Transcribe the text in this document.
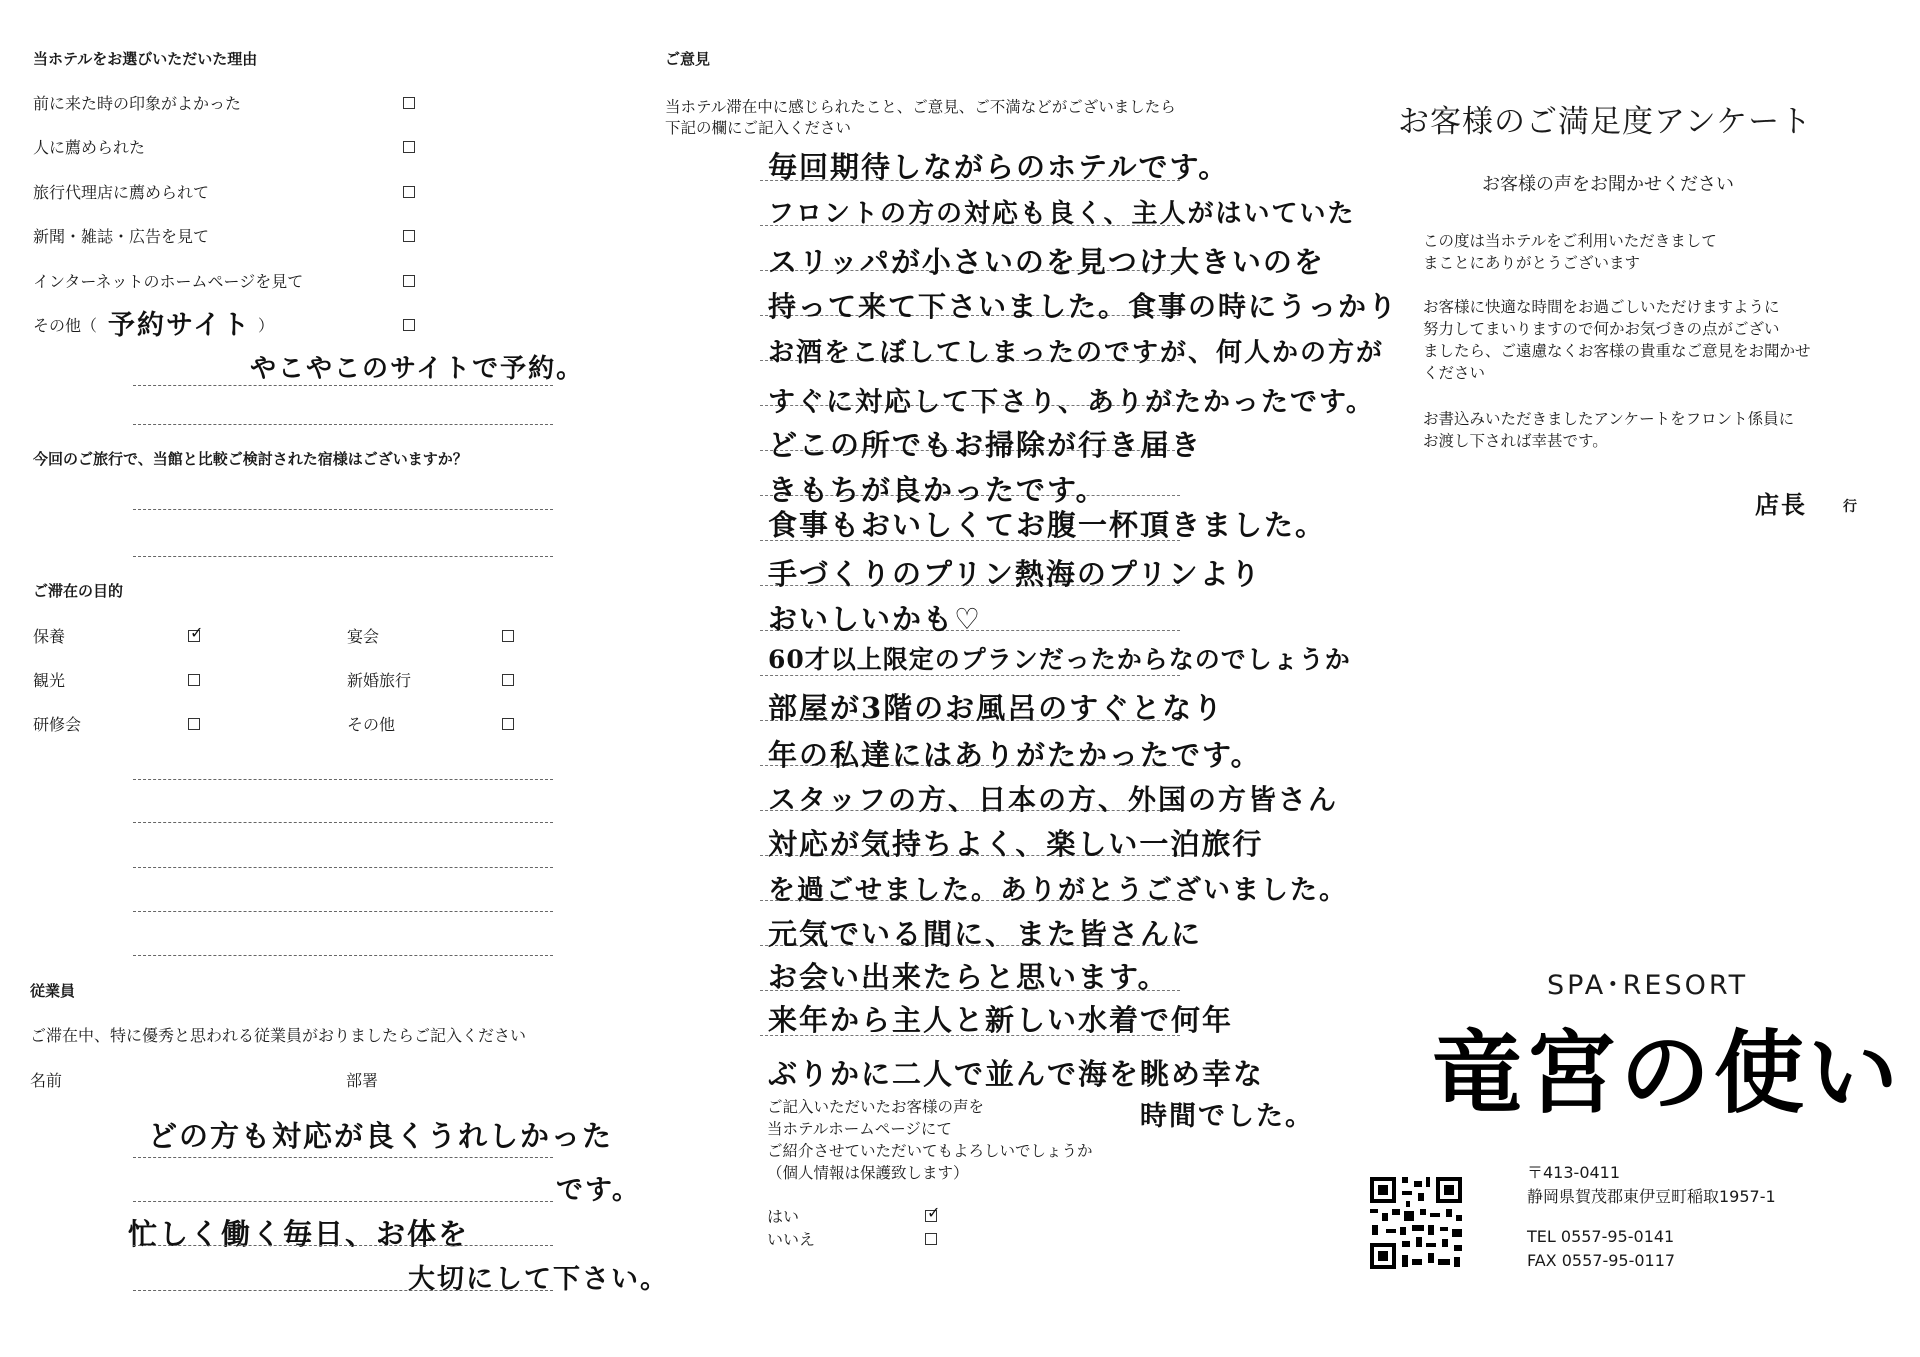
当ホテルをお選びいただいた理由
前に来た時の印象がよかった
人に薦められた
旅行代理店に薦められて
新聞・雑誌・広告を見て
インターネットのホームページを見て
その他（	）
予約サイト
やこやこのサイトで予約。
今回のご旅行で、当館と比較ご検討された宿様はございますか？
ご滞在の目的
保養
✓	宴会
観光	新婚旅行
研修会	その他
従業員
ご滞在中、特に優秀と思われる従業員がおりましたらご記入ください
名前	部署
どの方も対応が良くうれしかった
です。
忙しく働く毎日、お体を
大切にして下さい。
ご意見
当ホテル滞在中に感じられたこと、ご意見、ご不満などがございましたら
下記の欄にご記入ください
毎回期待しながらのホテルです。
フロントの方の対応も良く、主人がはいていた
スリッパが小さいのを見つけ大きいのを
持って来て下さいました。食事の時にうっかり
お酒をこぼしてしまったのですが、何人かの方が
すぐに対応して下さり、ありがたかったです。
どこの所でもお掃除が行き届き
きもちが良かったです。
食事もおいしくてお腹一杯頂きました。
手づくりのプリン熱海のプリンより
おいしいかも♡
60才以上限定のプランだったからなのでしょうか
部屋が3階のお風呂のすぐとなり
年の私達にはありがたかったです。
スタッフの方、日本の方、外国の方皆さん
対応が気持ちよく、楽しい一泊旅行
を過ごせました。ありがとうございました。
元気でいる間に、また皆さんに
お会い出来たらと思います。
来年から主人と新しい水着で何年
ぶりかに二人で並んで海を眺め幸な
時間でした。
ご記入いただいたお客様の声を
当ホテルホームページにて
ご紹介させていただいてもよろしいでしょうか
（個人情報は保護致します）
はい
✓
いいえ
お客様のご満足度アンケート
お客様の声をお聞かせください
この度は当ホテルをご利用いただきまして
まことにありがとうございます
お客様に快適な時間をお過ごしいただけますように
努力してまいりますので何かお気づきの点がござい
ましたら、ご遠慮なくお客様の貴重なご意見をお聞かせ
ください
お書込みいただきましたアンケートをフロント係員に
お渡し下されば幸甚です。
店長	行
SPA･RESORT
竜宮の使い
〒413-0411
静岡県賀茂郡東伊豆町稲取1957-1
TEL 0557-95-0141
FAX 0557-95-0117
